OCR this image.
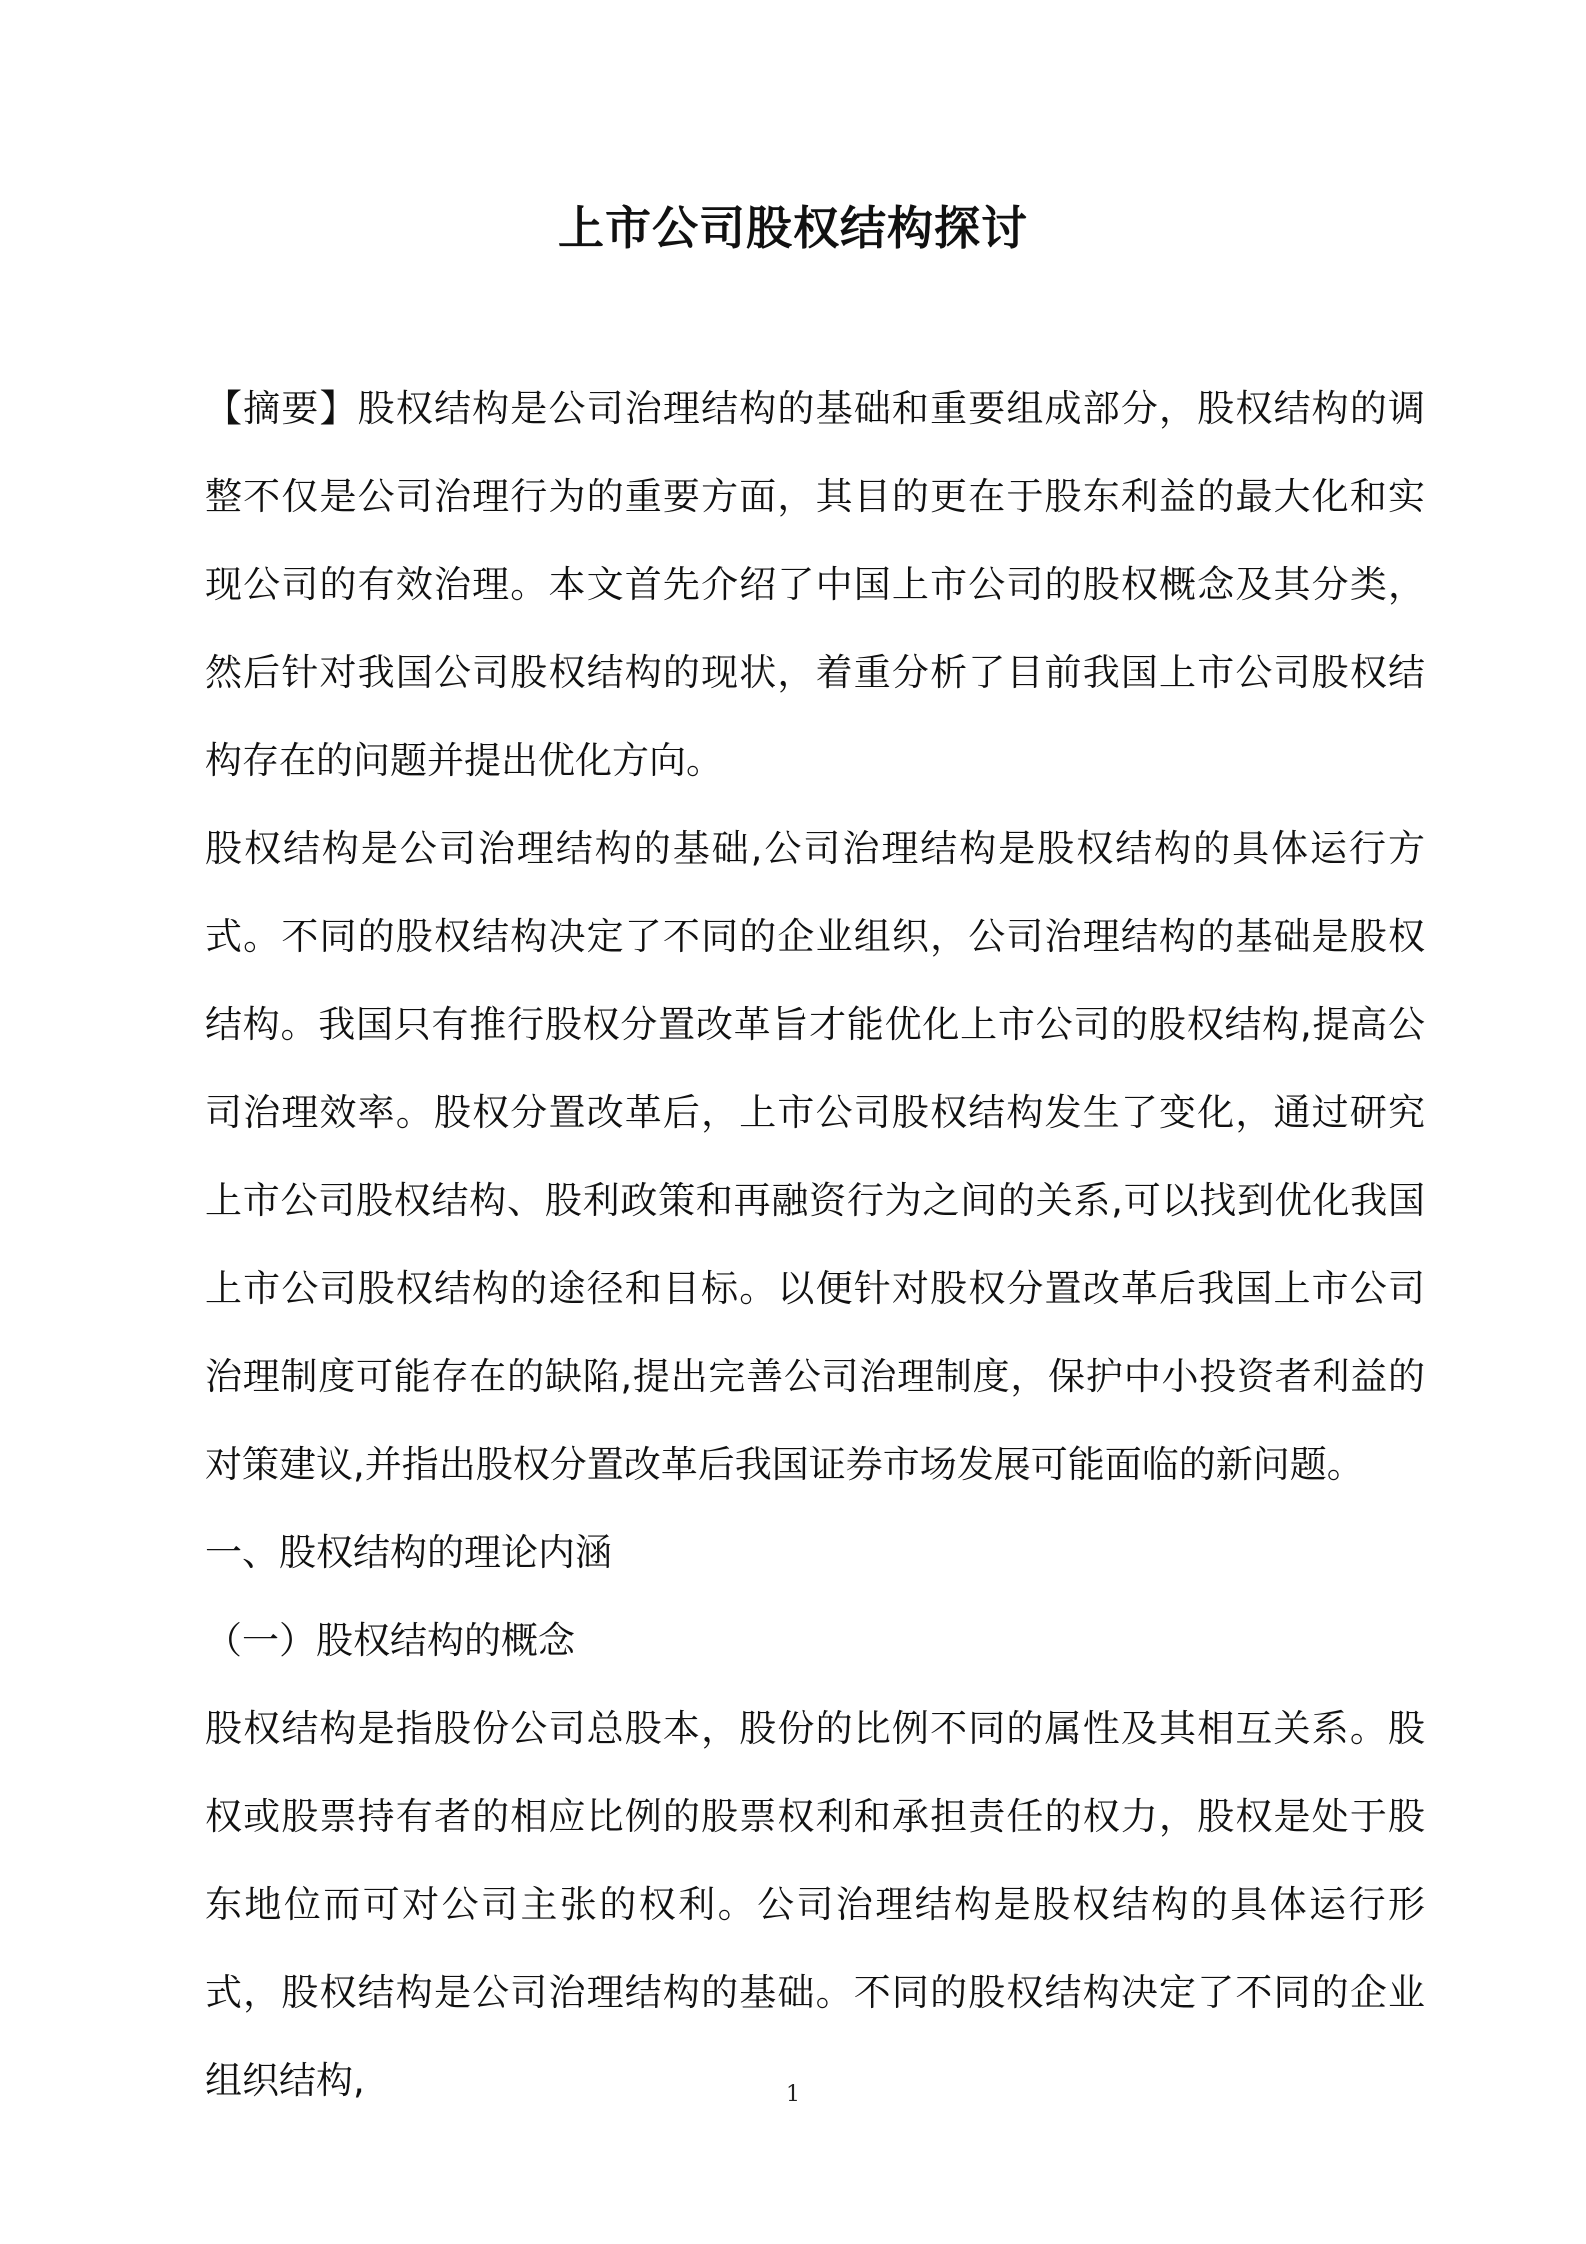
上市公司股权结构探讨

【摘要】股权结构是公司治理结构的基础和重要组成部分，股权结构的调整不仅是公司治理行为的重要方面，其目的更在于股东利益的最大化和实现公司的有效治理。本文首先介绍了中国上市公司的股权概念及其分类，然后针对我国公司股权结构的现状，着重分析了目前我国上市公司股权结构存在的问题并提出优化方向。

股权结构是公司治理结构的基础,公司治理结构是股权结构的具体运行方式。不同的股权结构决定了不同的企业组织，公司治理结构的基础是股权结构。我国只有推行股权分置改革旨才能优化上市公司的股权结构,提高公司治理效率。股权分置改革后，上市公司股权结构发生了变化，通过研究上市公司股权结构、股利政策和再融资行为之间的关系,可以找到优化我国上市公司股权结构的途径和目标。以便针对股权分置改革后我国上市公司治理制度可能存在的缺陷,提出完善公司治理制度，保护中小投资者利益的对策建议,并指出股权分置改革后我国证券市场发展可能面临的新问题。

一、股权结构的理论内涵

（一）股权结构的概念

股权结构是指股份公司总股本，股份的比例不同的属性及其相互关系。股权或股票持有者的相应比例的股票权利和承担责任的权力，股权是处于股东地位而可对公司主张的权利。公司治理结构是股权结构的具体运行形式，股权结构是公司治理结构的基础。不同的股权结构决定了不同的企业组织结构,	1
